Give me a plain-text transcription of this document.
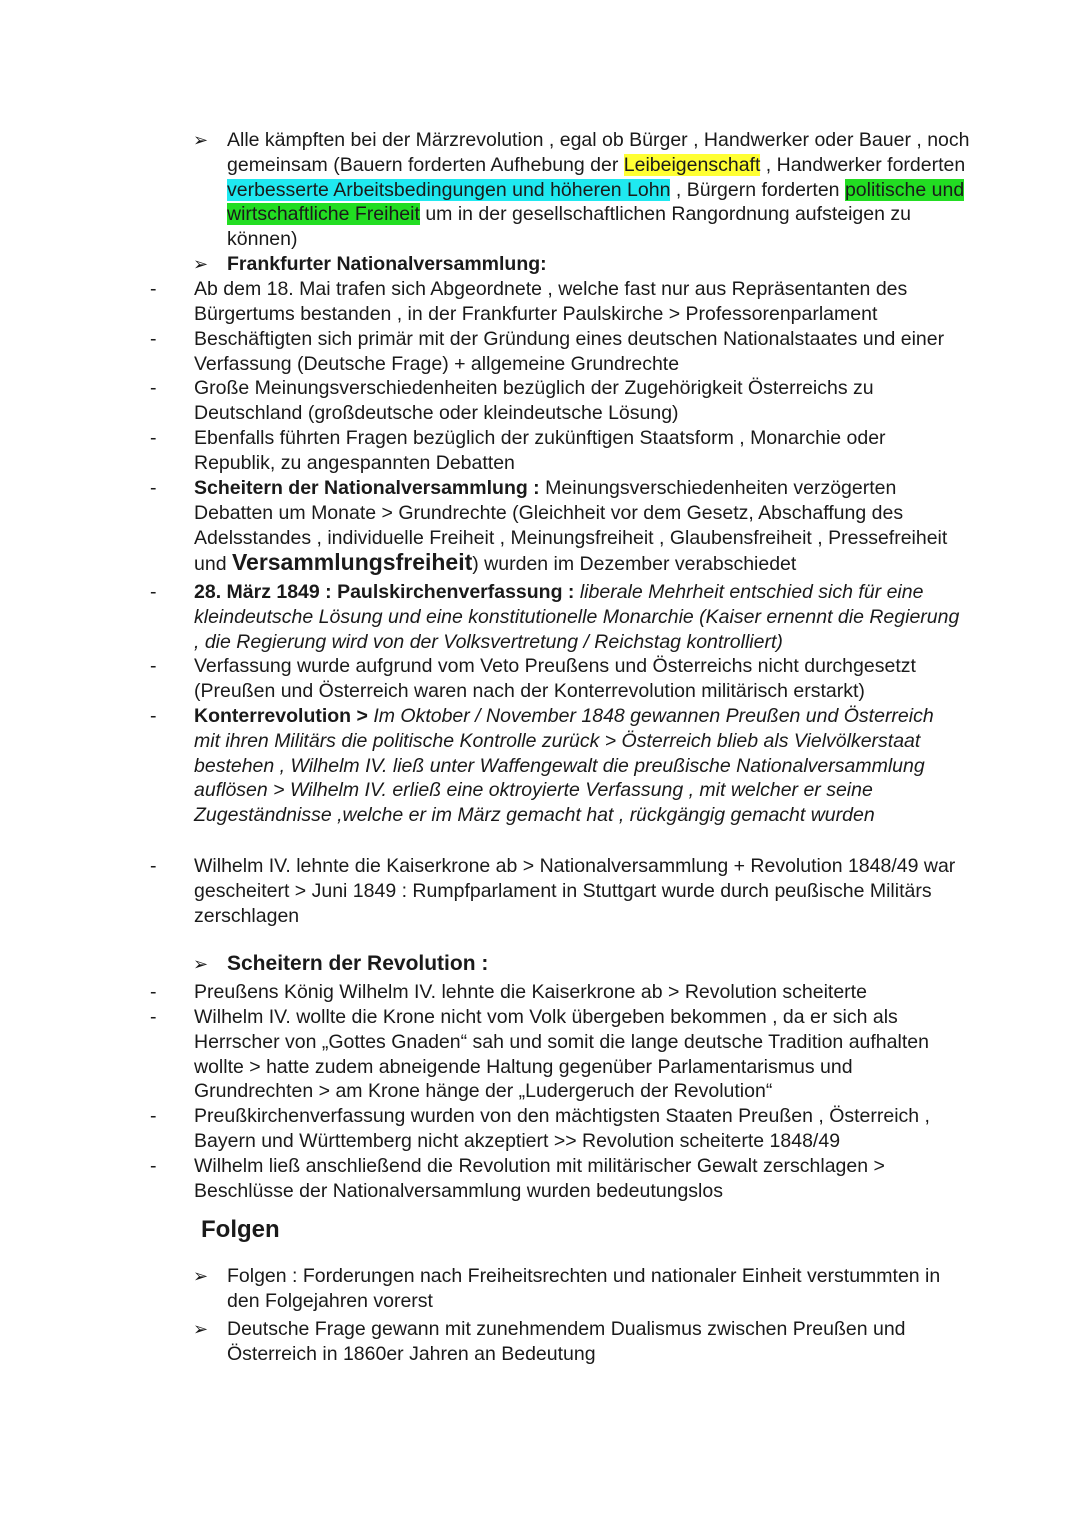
➢ Alle kämpften bei der Märzrevolution , egal ob Bürger , Handwerker oder Bauer , noch gemeinsam (Bauern forderten Aufhebung der Leibeigenschaft , Handwerker forderten verbesserte Arbeitsbedingungen und höheren Lohn , Bürgern forderten politische und wirtschaftliche Freiheit um in der gesellschaftlichen Rangordnung aufsteigen zu können)
➢ Frankfurter Nationalversammlung:
- Ab dem 18. Mai trafen sich Abgeordnete , welche fast nur aus Repräsentanten des Bürgertums bestanden , in der Frankfurter Paulskirche > Professorenparlament
- Beschäftigten sich primär mit der Gründung eines deutschen Nationalstaates und einer Verfassung (Deutsche Frage) + allgemeine Grundrechte
- Große Meinungsverschiedenheiten bezüglich der Zugehörigkeit Österreichs zu Deutschland (großdeutsche oder kleindeutsche Lösung)
- Ebenfalls führten Fragen bezüglich der zukünftigen Staatsform , Monarchie oder Republik, zu angespannten Debatten
- Scheitern der Nationalversammlung : Meinungsverschiedenheiten verzögerten Debatten um Monate > Grundrechte (Gleichheit vor dem Gesetz, Abschaffung des Adelsstandes , individuelle Freiheit , Meinungsfreiheit , Glaubensfreiheit , Pressefreiheit und Versammlungsfreiheit) wurden im Dezember verabschiedet
- 28. März 1849 : Paulskirchenverfassung : liberale Mehrheit entschied sich für eine kleindeutsche Lösung und eine konstitutionelle Monarchie (Kaiser ernennt die Regierung , die Regierung wird von der Volksvertretung / Reichstag kontrolliert)
- Verfassung wurde aufgrund vom Veto Preußens und Österreichs nicht durchgesetzt (Preußen und Österreich waren nach der Konterrevolution militärisch erstarkt)
- Konterrevolution > Im Oktober / November 1848 gewannen Preußen und Österreich mit ihren Militärs die politische Kontrolle zurück > Österreich blieb als Vielvölkerstaat bestehen , Wilhelm IV. ließ unter Waffengewalt die preußische Nationalversammlung auflösen > Wilhelm IV. erließ eine oktroyierte Verfassung , mit welcher er seine Zugeständnisse ,welche er im März gemacht hat , rückgängig gemacht wurden
- Wilhelm IV. lehnte die Kaiserkrone ab > Nationalversammlung + Revolution 1848/49 war gescheitert > Juni 1849 : Rumpfparlament in Stuttgart wurde durch peußische Militärs zerschlagen
➢ Scheitern der Revolution :
- Preußens König Wilhelm IV. lehnte die Kaiserkrone ab > Revolution scheiterte
- Wilhelm IV. wollte die Krone nicht vom Volk übergeben bekommen , da er sich als Herrscher von „Gottes Gnaden“ sah und somit die lange deutsche Tradition aufhalten wollte > hatte zudem abneigende Haltung gegenüber Parlamentarismus und Grundrechten > am Krone hänge der „Ludergeruch der Revolution“
- Preußkirchenverfassung wurden von den mächtigsten Staaten Preußen , Österreich , Bayern und Württemberg nicht akzeptiert >> Revolution scheiterte 1848/49
- Wilhelm ließ anschließend die Revolution mit militärischer Gewalt zerschlagen > Beschlüsse der Nationalversammlung wurden bedeutungslos
Folgen
➢ Folgen : Forderungen nach Freiheitsrechten und nationaler Einheit verstummten in den Folgejahren vorerst
➢ Deutsche Frage gewann mit zunehmendem Dualismus zwischen Preußen und Österreich in 1860er Jahren an Bedeutung
